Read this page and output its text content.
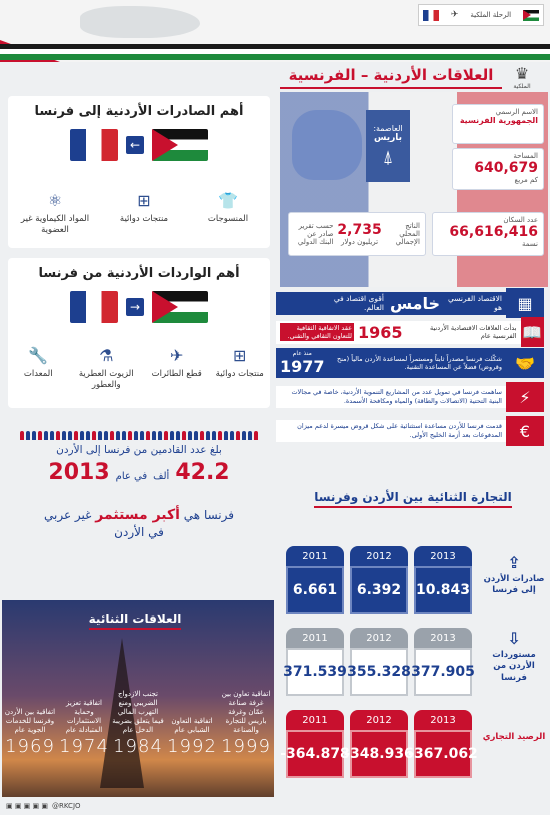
✈ الرحلة الملكية
♛
الملكية
العلاقات الأردنية – الفرنسية
الاسم الرسمي
الجمهورية الفرنسية
المساحة
640,679
كم مربع
العاصمة:
باريس
⍋
عدد السكان
66,616,416
نسمة
الناتج المحلي الإجمالي
2,735
تريليون دولار
حسب تقرير صادر عن البنك الدولي
الاقتصاد الفرنسي هو
خامس
أقوى اقتصاد في العالم.	▦
بدأت العلاقات الاقتصادية الأردنية الفرنسية عام
1965
عقد الاتفاقية الثقافية للتعاون الثقافي والتقني.	📖
شكّلت فرنسا مصدراً ثابتاً ومستمراً لمساعدة الأردن مالياً (منح وقروض) فضلاً عن المساعدة التقنية.
منذ عام
1977	🤝
ساهمت فرنسا في تمويل عدد من المشاريع التنموية الأردنية، خاصة في مجالات البنية التحتية (الاتصالات والطاقة) والمياه ومكافحة الأسمدة.	⚡
قدمت فرنسا للأردن مساعدة استثنائية على شكل قروض ميسرة لدعم ميزان المدفوعات بعد أزمة الخليج الأولى.	€
أهم الصادرات الأردنية إلى فرنسا
←
⚛
المواد الكيماوية غير العضوية
⊞
منتجات دوائية
👕
المنسوجات
أهم الواردات الأردنية من فرنسا
→
🔧
المعدات
⚗
الزيوت العطرية والعطور
✈
قطع الطائرات
⊞
منتجات دوائية
بلغ عدد القادمين من فرنسا إلى الأردن
42.2
ألف
في عام
2013
فرنسا هي أكبر مستثمر غير عربي
في الأردن
التجارة الثنائية بين الأردن وفرنسا
⇪
صادرات الأردن إلى فرنسا
2011
6.661
2012
6.392
2013
10.843
⇩
مستوردات الأردن من فرنسا
2011
371.539
2012
355.328
2013
377.905
الرصيد التجاري
2011
-364.878
2012
-348.936
2013
-367.062
العلاقات الثنائية
اتفاقية تعاون بين غرفة صناعة عمّان وغرفة باريس للتجارة والصناعة
1999
اتفاقية التعاون الشبابي عام
1992
تجنب الازدواج الضريبي ومنع التهرب المالي فيما يتعلق بضريبة الدخل عام
1984
اتفاقية تعزيز وحماية الاستثمارات المتبادلة عام
1974
اتفاقية بين الأردن وفرنسا للخدمات الجوية عام
1969
▣ ▣ ▣ ▣ ▣ @RKCJO
